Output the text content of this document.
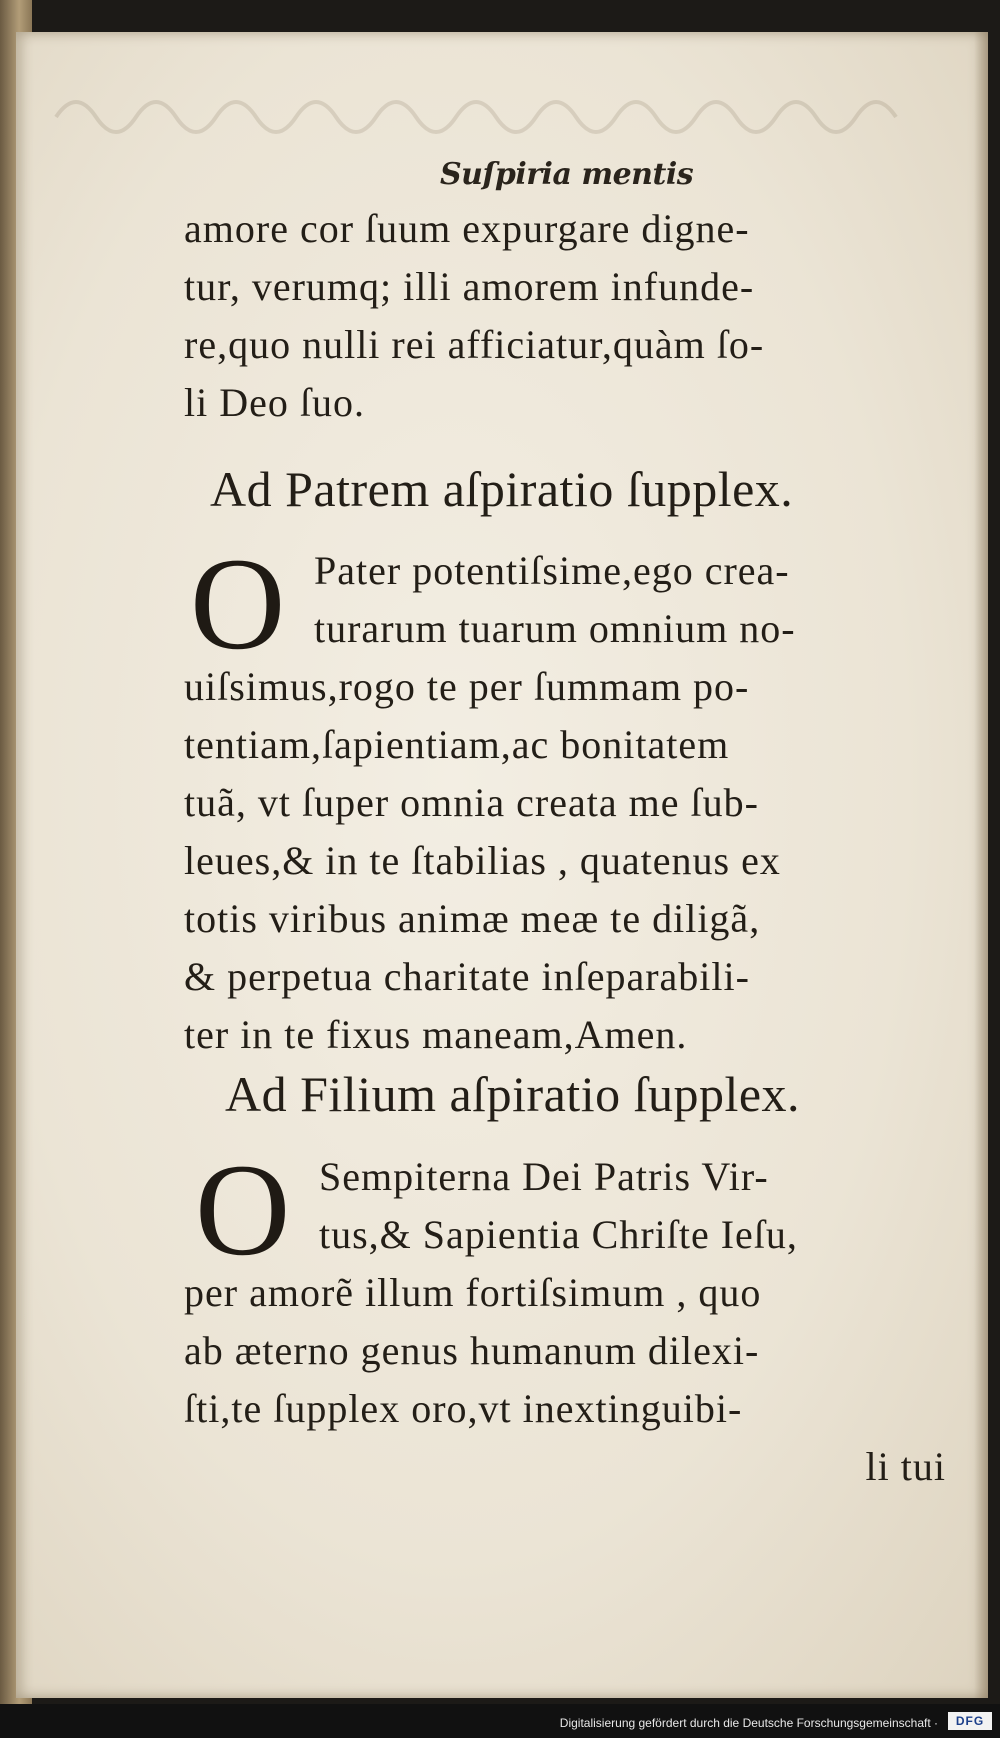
Suſpiria mentis
amore cor ſuum expurgare digne-
tur, verumq; illi amorem infunde-
re,quo nulli rei afficiatur,quàm ſo-
li Deo ſuo.
Ad Patrem aſpiratio ſupplex.
O Pater potentiſsime,ego crea-
turarum tuarum omnium no-
uiſsimus,rogo te per ſummam po-
tentiam,ſapientiam,ac bonitatem
tuã, vt ſuper omnia creata me ſub-
leues,& in te ſtabilias , quatenus ex
totis viribus animæ meæ te diligã,
& perpetua charitate inſeparabili-
ter in te fixus maneam,Amen.
Ad Filium aſpiratio ſupplex.
O Sempiterna Dei Patris Vir-
tus,& Sapientia Chriſte Ieſu,
per amorẽ illum fortiſsimum , quo
ab æterno genus humanum dilexi-
ſti,te ſupplex oro,vt inextinguibi-
li tui
Digitalisierung gefördert durch die Deutsche Forschungsgemeinschaft ·	DFG
